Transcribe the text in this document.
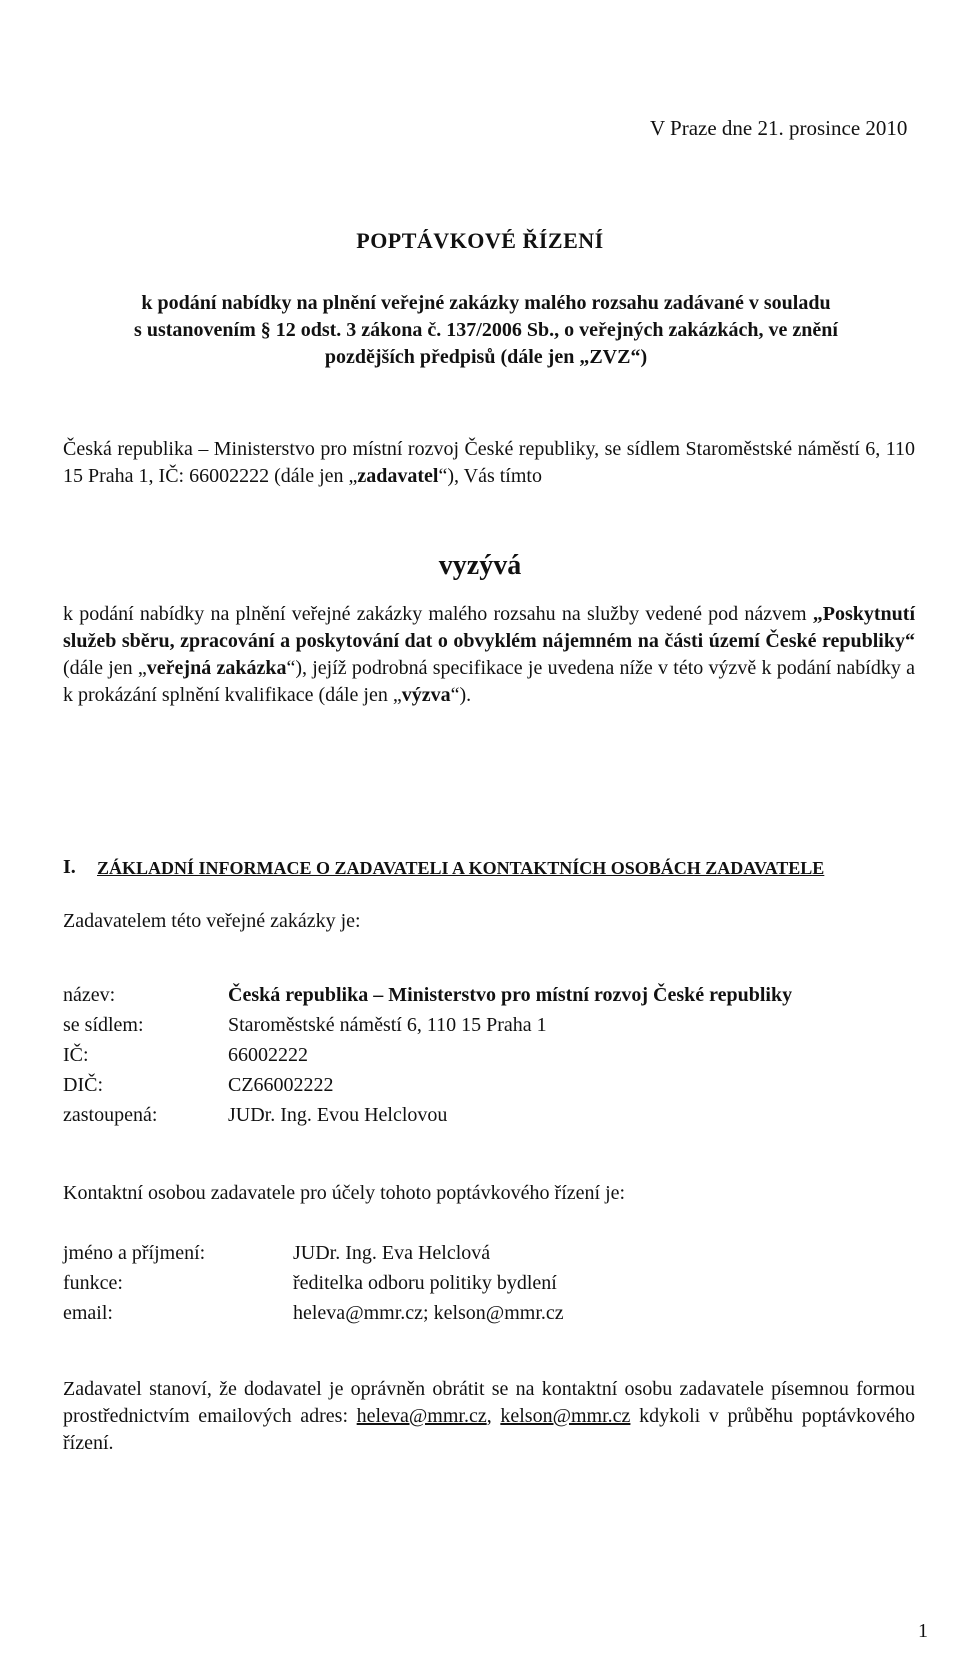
V Praze dne 21. prosince 2010
POPTÁVKOVÉ ŘÍZENÍ
k podání nabídky na plnění veřejné zakázky malého rozsahu zadávané v souladu
s ustanovením § 12 odst. 3 zákona č. 137/2006 Sb., o veřejných zakázkách, ve znění
pozdějších předpisů (dále jen „ZVZ“)
Česká republika – Ministerstvo pro místní rozvoj České republiky, se sídlem Staroměstské náměstí 6, 110 15 Praha 1, IČ: 66002222 (dále jen „zadavatel“), Vás tímto
vyzývá
k podání nabídky na plnění veřejné zakázky malého rozsahu na služby vedené pod názvem „Poskytnutí služeb sběru, zpracování a poskytování dat o obvyklém nájemném na části území České republiky“ (dále jen „veřejná zakázka“), jejíž podrobná specifikace je uvedena níže v této výzvě k podání nabídky a k prokázání splnění kvalifikace (dále jen „výzva“).
I. ZÁKLADNÍ INFORMACE O ZADAVATELI A KONTAKTNÍCH OSOBÁCH ZADAVATELE
Zadavatelem této veřejné zakázky je:
název:	Česká republika – Ministerstvo pro místní rozvoj České republiky
se sídlem:	Staroměstské náměstí 6, 110 15 Praha 1
IČ:	66002222
DIČ:	CZ66002222
zastoupená:	JUDr. Ing. Evou Helclovou
Kontaktní osobou zadavatele pro účely tohoto poptávkového řízení je:
jméno a příjmení:	JUDr. Ing. Eva Helclová
funkce:	ředitelka odboru politiky bydlení
email:	heleva@mmr.cz; kelson@mmr.cz
Zadavatel stanoví, že dodavatel je oprávněn obrátit se na kontaktní osobu zadavatele písemnou formou prostřednictvím emailových adres: heleva@mmr.cz, kelson@mmr.cz kdykoli v průběhu poptávkového řízení.
1
